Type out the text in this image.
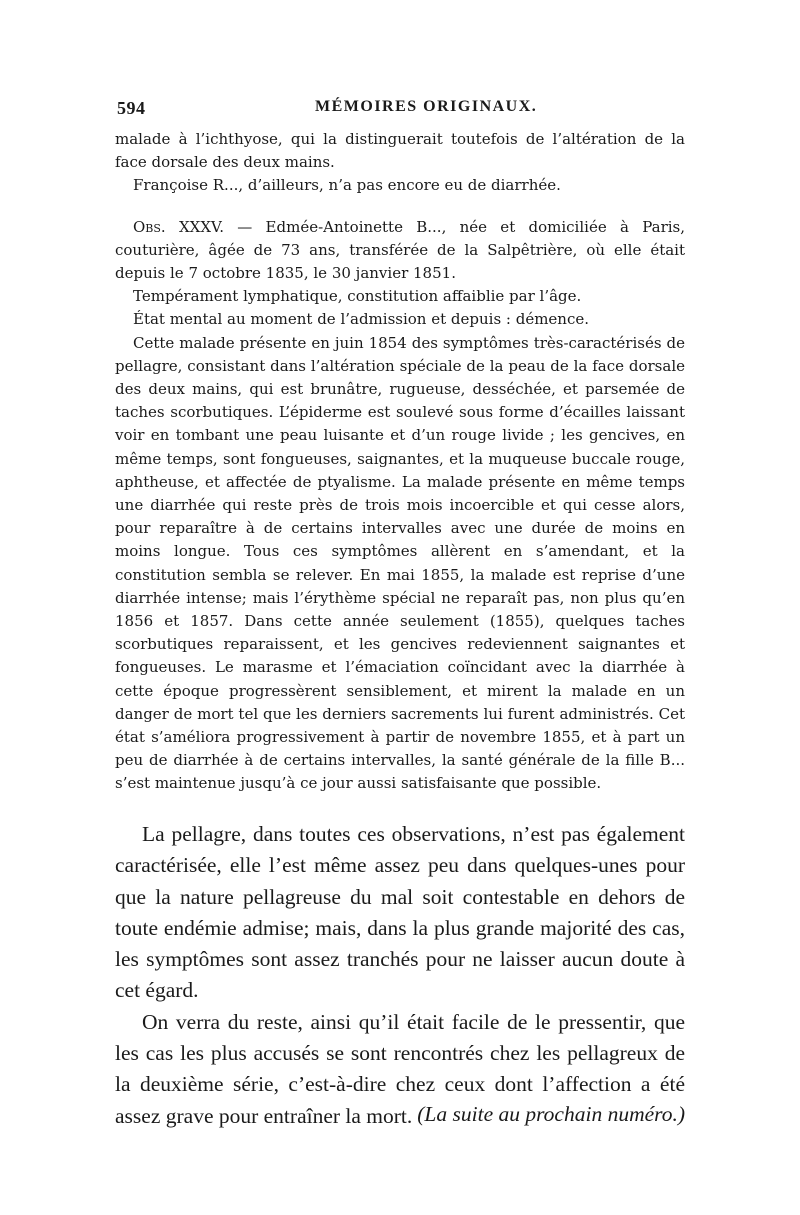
594	MÉMOIRES ORIGINAUX.

malade à l’ichthyose, qui la distinguerait toutefois de l’altération de la face dorsale des deux mains.

Françoise R..., d’ailleurs, n’a pas encore eu de diarrhée.

Obs. XXXV. — Edmée-Antoinette B..., née et domiciliée à Paris, couturière, âgée de 73 ans, transférée de la Salpêtrière, où elle était depuis le 7 octobre 1835, le 30 janvier 1851.

Tempérament lymphatique, constitution affaiblie par l’âge.

État mental au moment de l’admission et depuis : démence.

Cette malade présente en juin 1854 des symptômes très-caractérisés de pellagre, consistant dans l’altération spéciale de la peau de la face dorsale des deux mains, qui est brunâtre, rugueuse, desséchée, et parsemée de taches scorbutiques. L’épiderme est soulevé sous forme d’écailles laissant voir en tombant une peau luisante et d’un rouge livide ; les gencives, en même temps, sont fongueuses, saignantes, et la muqueuse buccale rouge, aphtheuse, et affectée de ptyalisme. La malade présente en même temps une diarrhée qui reste près de trois mois incoercible et qui cesse alors, pour reparaître à de certains intervalles avec une durée de moins en moins longue. Tous ces symptômes allèrent en s’amendant, et la constitution sembla se relever. En mai 1855, la malade est reprise d’une diarrhée intense; mais l’érythème spécial ne reparaît pas, non plus qu’en 1856 et 1857. Dans cette année seulement (1855), quelques taches scorbutiques reparaissent, et les gencives redeviennent saignantes et fongueuses. Le marasme et l’émaciation coïncidant avec la diarrhée à cette époque progressèrent sensiblement, et mirent la malade en un danger de mort tel que les derniers sacrements lui furent administrés. Cet état s’améliora progressivement à partir de novembre 1855, et à part un peu de diarrhée à de certains intervalles, la santé générale de la fille B... s’est maintenue jusqu’à ce jour aussi satisfaisante que possible.

La pellagre, dans toutes ces observations, n’est pas également caractérisée, elle l’est même assez peu dans quelques-unes pour que la nature pellagreuse du mal soit contestable en dehors de toute endémie admise; mais, dans la plus grande majorité des cas, les symptômes sont assez tranchés pour ne laisser aucun doute à cet égard.

On verra du reste, ainsi qu’il était facile de le pressentir, que les cas les plus accusés se sont rencontrés chez les pellagreux de la deuxième série, c’est-à-dire chez ceux dont l’affection a été assez grave pour entraîner la mort. (La suite au prochain numéro.)
